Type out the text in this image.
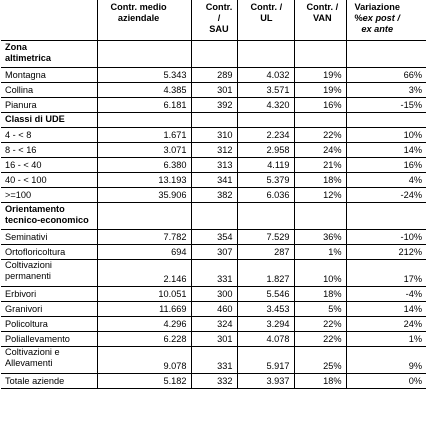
	Contr. medio
aziendale	Contr. /
SAU	Contr. /
UL	Contr. /
VAN	Variazione
%ex post /
ex ante
Zona
altimetrica					
Montagna	5.343	289	4.032	19%	66%
Collina	4.385	301	3.571	19%	3%
Pianura	6.181	392	4.320	16%	-15%
Classi di UDE					
4 - < 8	1.671	310	2.234	22%	10%
8 - < 16	3.071	312	2.958	24%	14%
16 - < 40	6.380	313	4.119	21%	16%
40 - < 100	13.193	341	5.379	18%	4%
>=100	35.906	382	6.036	12%	-24%
Orientamento
tecnico-economico					
Seminativi	7.782	354	7.529	36%	-10%
Ortofloricoltura	694	307	287	1%	212%
Coltivazioni permanenti	2.146	331	1.827	10%	17%
Erbivori	10.051	300	5.546	18%	-4%
Granivori	11.669	460	3.453	5%	14%
Policoltura	4.296	324	3.294	22%	24%
Poliallevamento	6.228	301	4.078	22%	1%
Coltivazioni e Allevamenti	9.078	331	5.917	25%	9%
Totale aziende	5.182	332	3.937	18%	0%
